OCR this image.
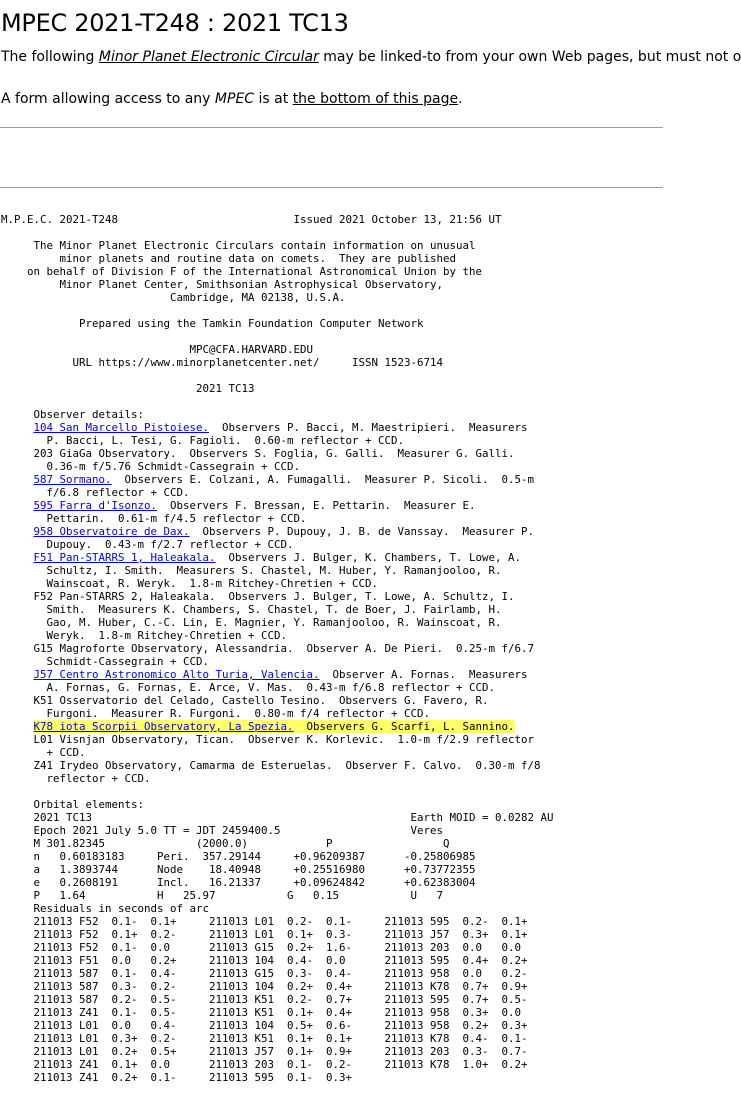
MPEC 2021-T248 : 2021 TC13

The following Minor Planet Electronic Circular may be linked-to from your own Web pages, but must not o

A form allowing access to any MPEC is at the bottom of this page.

M.P.E.C. 2021-T248                           Issued 2021 October 13, 21:56 UT
The Minor Planet Electronic Circulars contain information on unusual
minor planets and routine data on comets.  They are published
on behalf of Division F of the International Astronomical Union by the
Minor Planet Center, Smithsonian Astrophysical Observatory,
Cambridge, MA 02138, U.S.A.
Prepared using the Tamkin Foundation Computer Network
MPC@CFA.HARVARD.EDU
URL https://www.minorplanetcenter.net/     ISSN 1523-6714
2021 TC13
Observer details:
104 San Marcello Pistoiese.  Observers P. Bacci, M. Maestripieri.  Measurers
P. Bacci, L. Tesi, G. Fagioli.  0.60-m reflector + CCD.
203 GiaGa Observatory.  Observers S. Foglia, G. Galli.  Measurer G. Galli.
0.36-m f/5.76 Schmidt-Cassegrain + CCD.
587 Sormano.  Observers E. Colzani, A. Fumagalli.  Measurer P. Sicoli.  0.5-m
f/6.8 reflector + CCD.
595 Farra d'Isonzo.  Observers F. Bressan, E. Pettarin.  Measurer E.
Pettarin.  0.61-m f/4.5 reflector + CCD.
958 Observatoire de Dax.  Observers P. Dupouy, J. B. de Vanssay.  Measurer P.
Dupouy.  0.43-m f/2.7 reflector + CCD.
F51 Pan-STARRS 1, Haleakala.  Observers J. Bulger, K. Chambers, T. Lowe, A.
Schultz, I. Smith.  Measurers S. Chastel, M. Huber, Y. Ramanjooloo, R.
Wainscoat, R. Weryk.  1.8-m Ritchey-Chretien + CCD.
F52 Pan-STARRS 2, Haleakala.  Observers J. Bulger, T. Lowe, A. Schultz, I.
Smith.  Measurers K. Chambers, S. Chastel, T. de Boer, J. Fairlamb, H.
Gao, M. Huber, C.-C. Lin, E. Magnier, Y. Ramanjooloo, R. Wainscoat, R.
Weryk.  1.8-m Ritchey-Chretien + CCD.
G15 Magroforte Observatory, Alessandria.  Observer A. De Pieri.  0.25-m f/6.7
Schmidt-Cassegrain + CCD.
J57 Centro Astronomico Alto Turia, Valencia.  Observer A. Fornas.  Measurers
A. Fornas, G. Fornas, E. Arce, V. Mas.  0.43-m f/6.8 reflector + CCD.
K51 Osservatorio del Celado, Castello Tesino.  Observers G. Favero, R.
Furgoni.  Measurer R. Furgoni.  0.80-m f/4 reflector + CCD.
K78 iota Scorpii Observatory, La Spezia.  Observers G. Scarfi, L. Sannino.
L01 Visnjan Observatory, Tican.  Observer K. Korlevic.  1.0-m f/2.9 reflector
+ CCD.
Z41 Irydeo Observatory, Camarma de Esteruelas.  Observer F. Calvo.  0.30-m f/8
reflector + CCD.
Orbital elements:
2021 TC13                                                 Earth MOID = 0.0282 AU
Epoch 2021 July 5.0 TT = JDT 2459400.5                    Veres
M 301.82345              (2000.0)            P                 Q
n   0.60183183     Peri.  357.29144     +0.96209387      -0.25806985
a   1.3893744      Node    18.40948     +0.25516980      +0.73772355
e   0.2608191      Incl.   16.21337     +0.09624842      +0.62383004
P   1.64           H   25.97           G   0.15           U   7
Residuals in seconds of arc
211013 F52  0.1-  0.1+     211013 L01  0.2-  0.1-     211013 595  0.2-  0.1+
211013 F52  0.1+  0.2-     211013 L01  0.1+  0.3-     211013 J57  0.3+  0.1+
211013 F52  0.1-  0.0      211013 G15  0.2+  1.6-     211013 203  0.0   0.0
211013 F51  0.0   0.2+     211013 104  0.4-  0.0      211013 595  0.4+  0.2+
211013 587  0.1-  0.4-     211013 G15  0.3-  0.4-     211013 958  0.0   0.2-
211013 587  0.3-  0.2-     211013 104  0.2+  0.4+     211013 K78  0.7+  0.9+
211013 587  0.2-  0.5-     211013 K51  0.2-  0.7+     211013 595  0.7+  0.5-
211013 Z41  0.1-  0.5-     211013 K51  0.1+  0.4+     211013 958  0.3+  0.0
211013 L01  0.0   0.4-     211013 104  0.5+  0.6-     211013 958  0.2+  0.3+
211013 L01  0.3+  0.2-     211013 K51  0.1+  0.1+     211013 K78  0.4-  0.1-
211013 L01  0.2+  0.5+     211013 J57  0.1+  0.9+     211013 203  0.3-  0.7-
211013 Z41  0.1+  0.0      211013 203  0.1-  0.2-     211013 K78  1.0+  0.2+
211013 Z41  0.2+  0.1-     211013 595  0.1-  0.3+
